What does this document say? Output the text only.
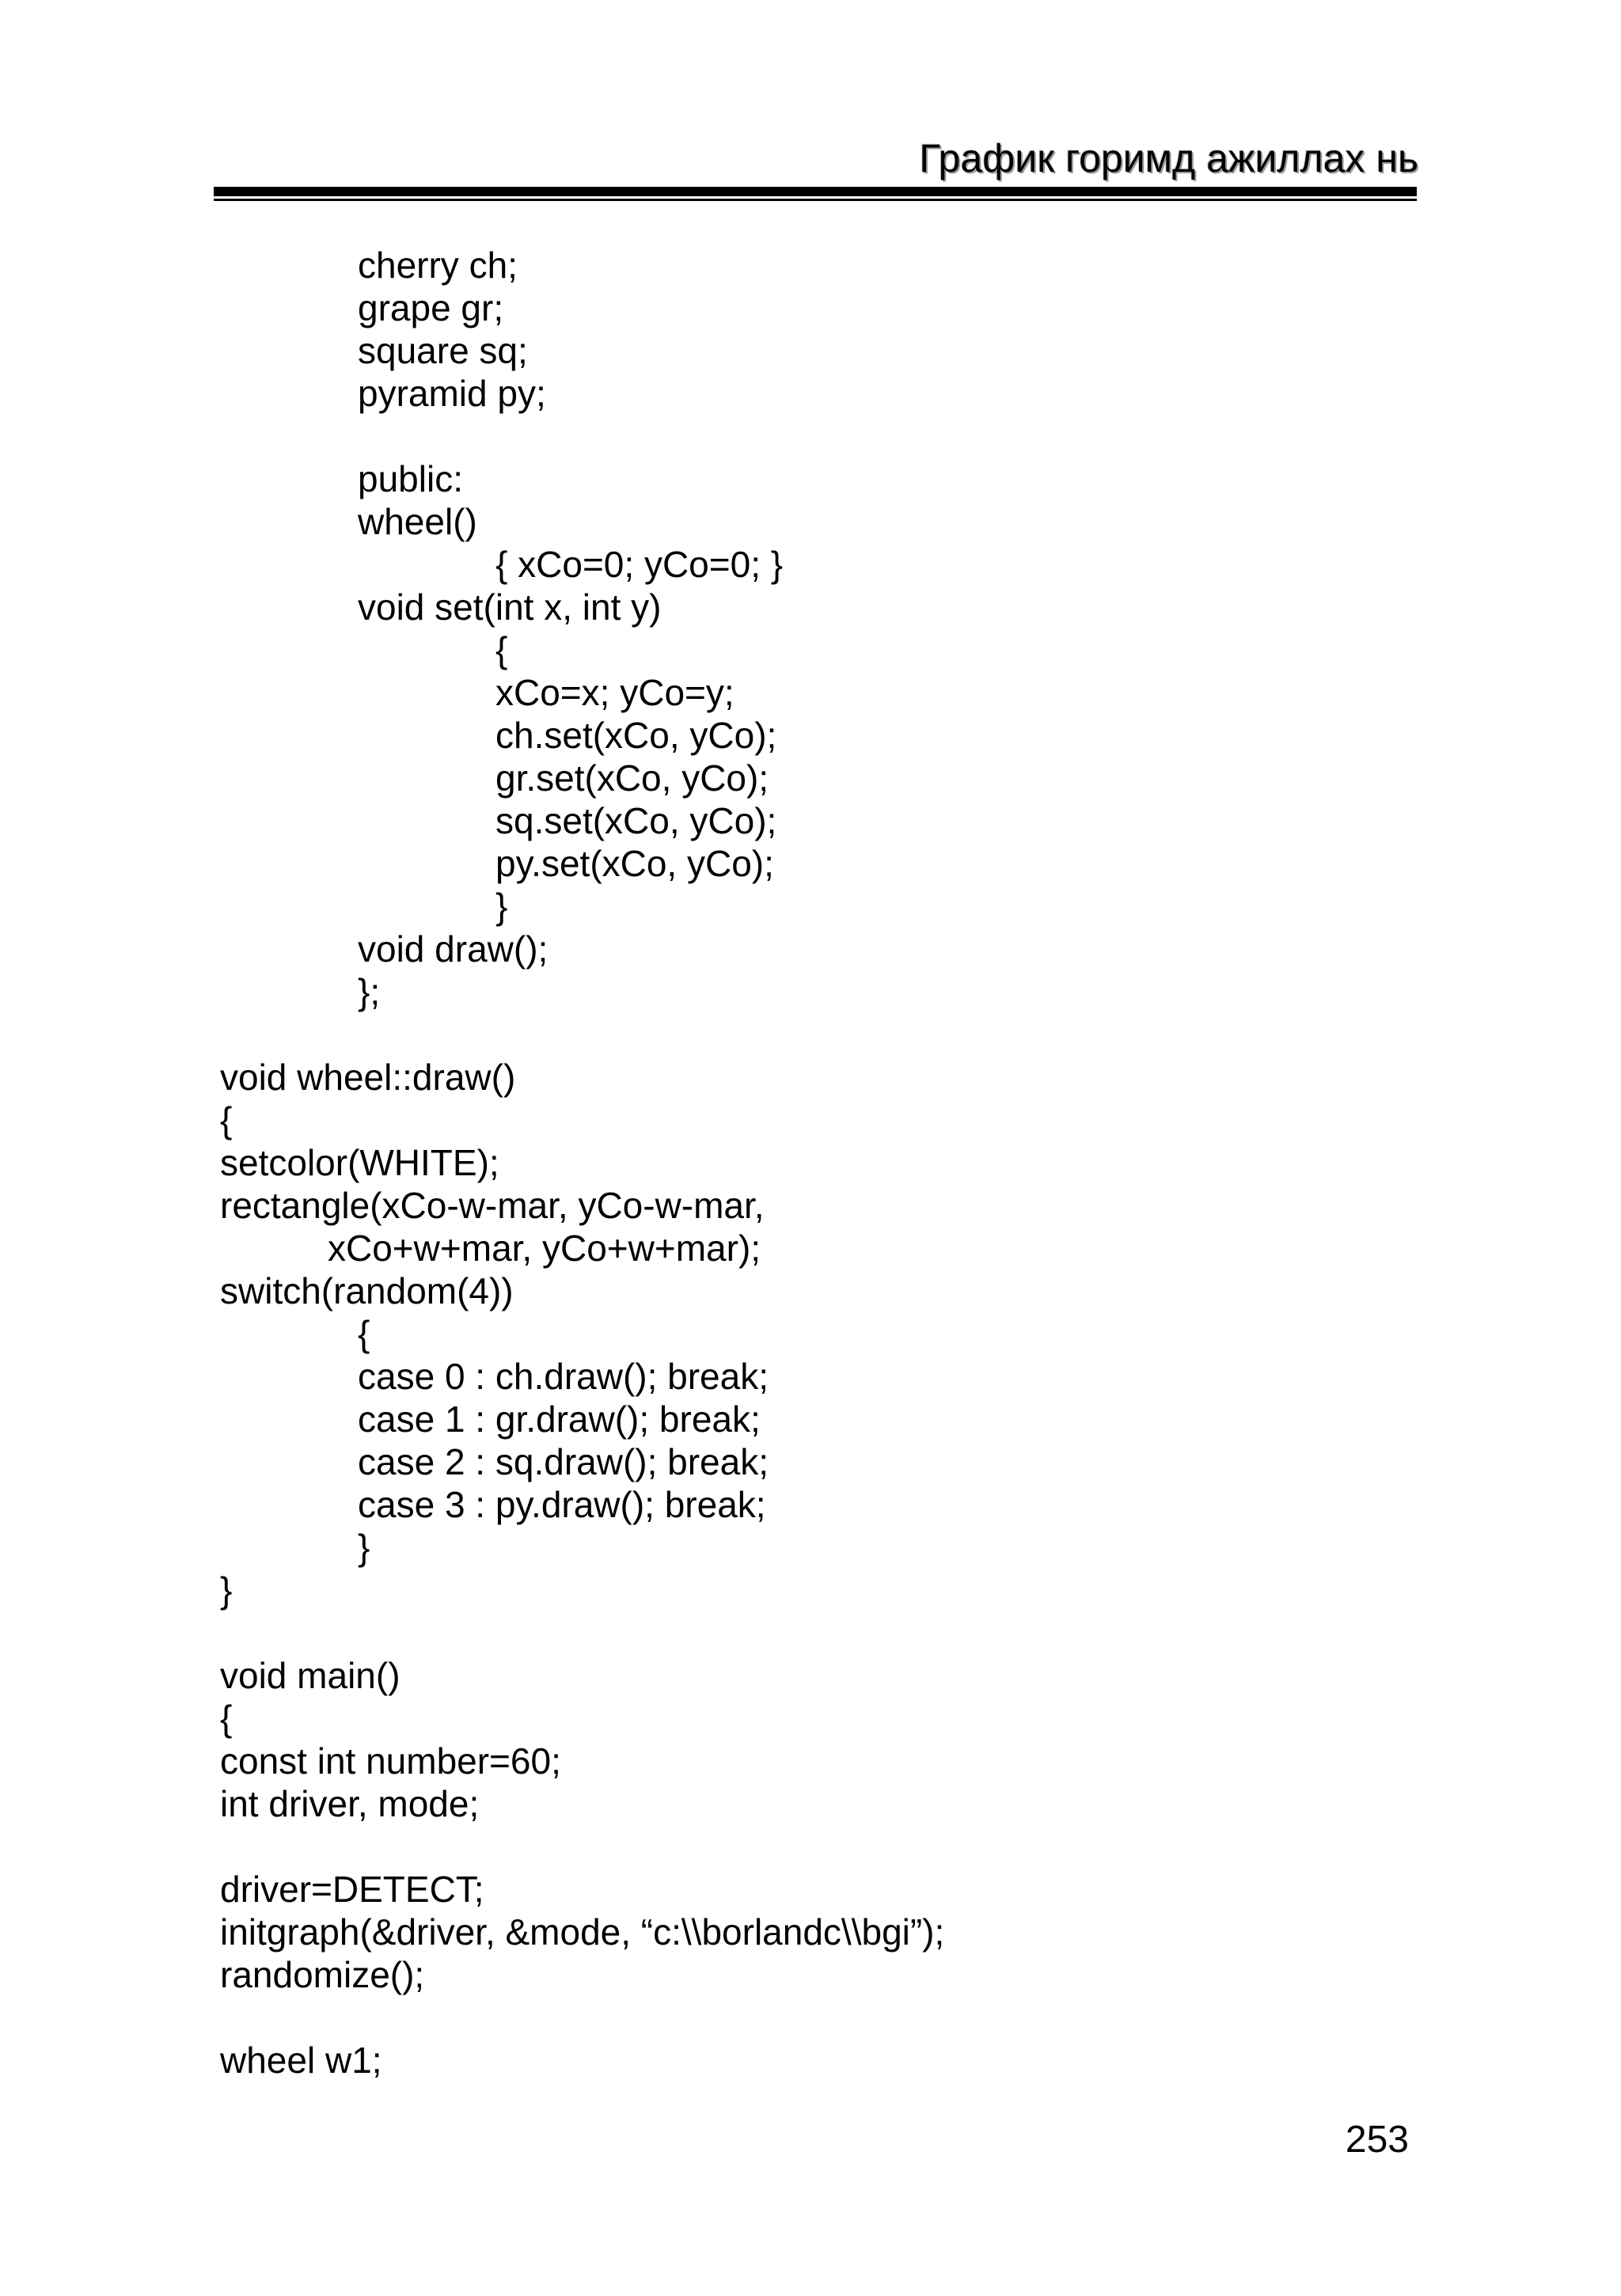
График горимд ажиллах нь
cherry ch;
grape gr;
square sq;
pyramid py;
public:
wheel()
{ xCo=0; yCo=0; }
void set(int x, int y)
{
xCo=x; yCo=y;
ch.set(xCo, yCo);
gr.set(xCo, yCo);
sq.set(xCo, yCo);
py.set(xCo, yCo);
}
void draw();
};
void wheel::draw()
{
setcolor(WHITE);
rectangle(xCo-w-mar, yCo-w-mar,
xCo+w+mar, yCo+w+mar);
switch(random(4))
{
case 0 : ch.draw(); break;
case 1 : gr.draw(); break;
case 2 : sq.draw(); break;
case 3 : py.draw(); break;
}
}
void main()
{
const int number=60;
int driver, mode;
driver=DETECT;
initgraph(&driver, &mode, “c:\\borlandc\\bgi”);
randomize();
wheel w1;
253
